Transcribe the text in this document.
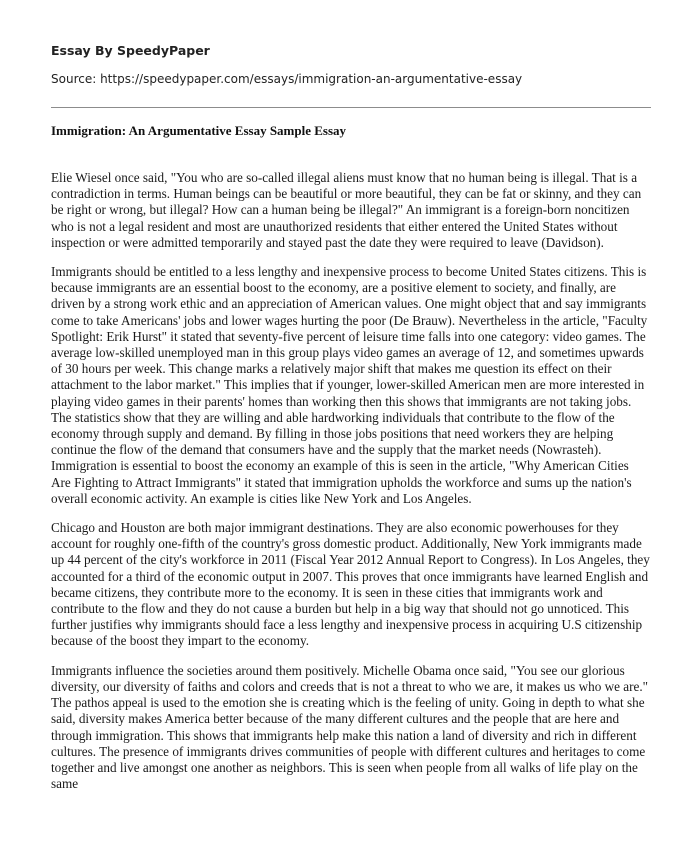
Essay By SpeedyPaper

Source: https://speedypaper.com/essays/immigration-an-argumentative-essay

Immigration: An Argumentative Essay Sample Essay

Elie Wiesel once said, "You who are so-called illegal aliens must know that no human being is illegal. That is a contradiction in terms. Human beings can be beautiful or more beautiful, they can be fat or skinny, and they can be right or wrong, but illegal? How can a human being be illegal?" An immigrant is a foreign-born noncitizen who is not a legal resident and most are unauthorized residents that either entered the United States without inspection or were admitted temporarily and stayed past the date they were required to leave (Davidson).

Immigrants should be entitled to a less lengthy and inexpensive process to become United States citizens. This is because immigrants are an essential boost to the economy, are a positive element to society, and finally, are driven by a strong work ethic and an appreciation of American values. One might object that and say immigrants come to take Americans' jobs and lower wages hurting the poor (De Brauw). Nevertheless in the article, "Faculty Spotlight: Erik Hurst" it stated that seventy-five percent of leisure time falls into one category: video games. The average low-skilled unemployed man in this group plays video games an average of 12, and sometimes upwards of 30 hours per week. This change marks a relatively major shift that makes me question its effect on their attachment to the labor market." This implies that if younger, lower-skilled American men are more interested in playing video games in their parents' homes than working then this shows that immigrants are not taking jobs. The statistics show that they are willing and able hardworking individuals that contribute to the flow of the economy through supply and demand. By filling in those jobs positions that need workers they are helping continue the flow of the demand that consumers have and the supply that the market needs (Nowrasteh). Immigration is essential to boost the economy an example of this is seen in the article, "Why American Cities Are Fighting to Attract Immigrants" it stated that immigration upholds the workforce and sums up the nation's overall economic activity. An example is cities like New York and Los Angeles.

Chicago and Houston are both major immigrant destinations. They are also economic powerhouses for they account for roughly one-fifth of the country's gross domestic product. Additionally, New York immigrants made up 44 percent of the city's workforce in 2011 (Fiscal Year 2012 Annual Report to Congress). In Los Angeles, they accounted for a third of the economic output in 2007. This proves that once immigrants have learned English and became citizens, they contribute more to the economy. It is seen in these cities that immigrants work and contribute to the flow and they do not cause a burden but help in a big way that should not go unnoticed. This further justifies why immigrants should face a less lengthy and inexpensive process in acquiring U.S citizenship because of the boost they impart to the economy.

Immigrants influence the societies around them positively. Michelle Obama once said, "You see our glorious diversity, our diversity of faiths and colors and creeds that is not a threat to who we are, it makes us who we are." The pathos appeal is used to the emotion she is creating which is the feeling of unity. Going in depth to what she said, diversity makes America better because of the many different cultures and the people that are here and through immigration. This shows that immigrants help make this nation a land of diversity and rich in different cultures. The presence of immigrants drives communities of people with different cultures and heritages to come together and live amongst one another as neighbors. This is seen when people from all walks of life play on the same
